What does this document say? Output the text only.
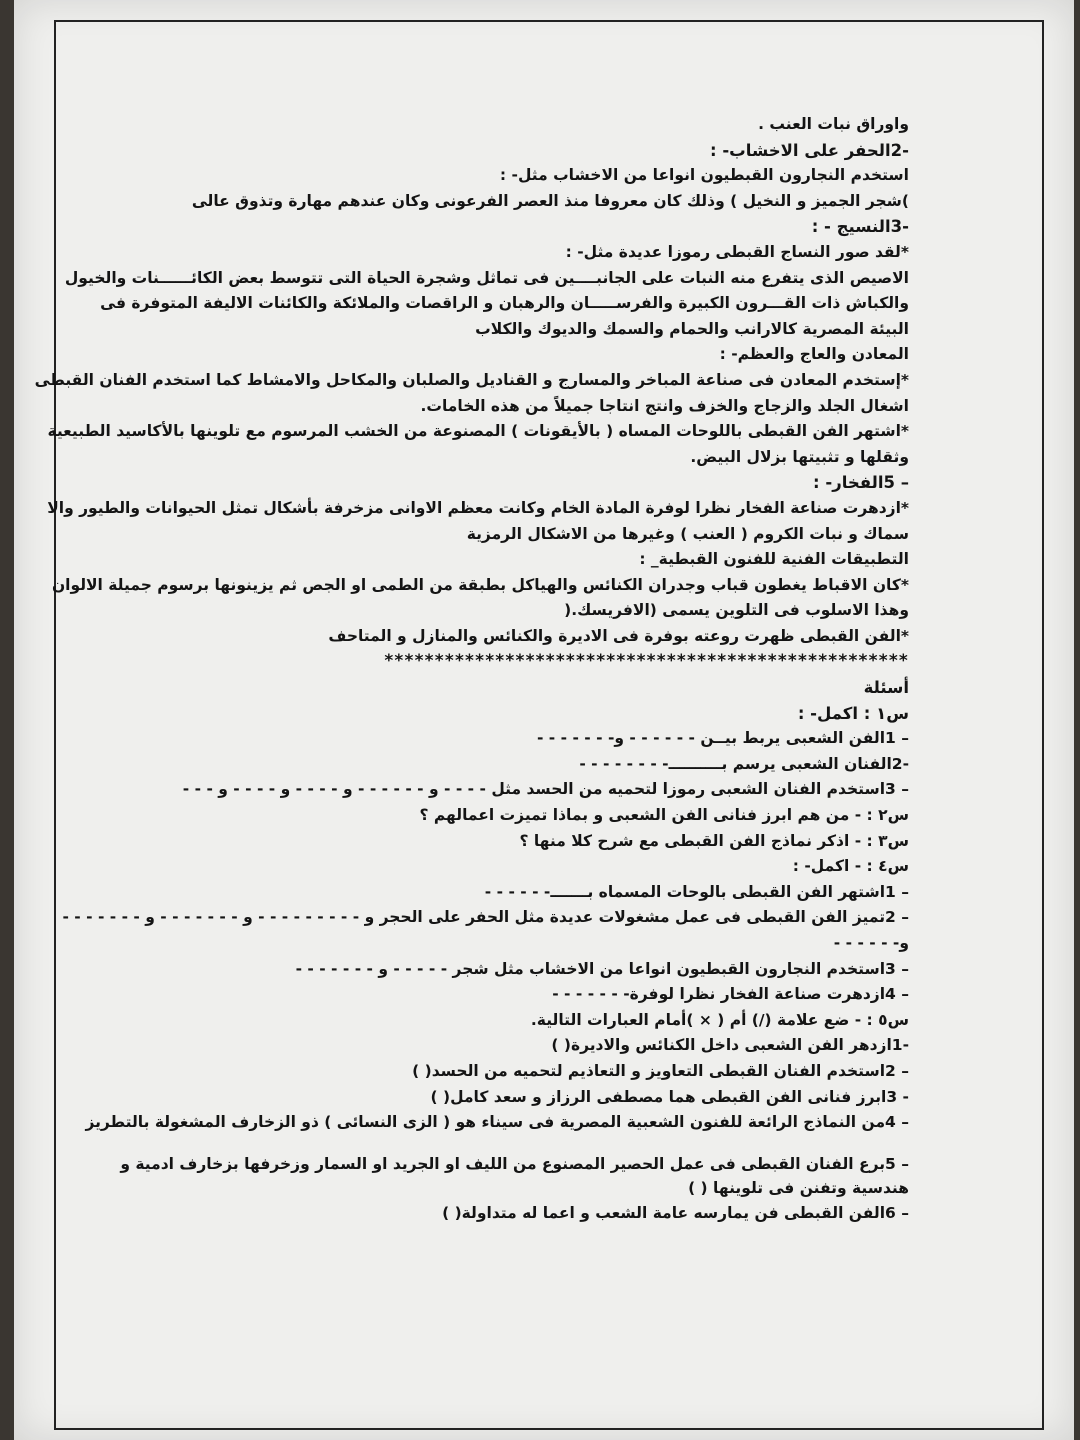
واوراق نبات العنب .
-2الحفر على الاخشاب- :
استخدم النجارون القبطيون انواعا من الاخشاب مثل- :
)شجر الجميز و النخيل ) وذلك كان معروفا منذ العصر الفرعونى وكان عندهم مهارة وتذوق عالى
-3النسيج - :
*لقد صور النساج القبطى رموزا عديدة مثل- :
الاصيص الذى يتفرع منه النبات على الجانبــــين فى تماثل وشجرة الحياة التى تتوسط بعض الكائــــــنات والخيول
والكباش ذات القـــرون الكبيرة والفرســـــان والرهبان و الراقصات والملائكة والكائنات الاليفة المتوفرة فى
البيئة المصرية كالارانب والحمام والسمك والديوك والكلاب
المعادن والعاج والعظم- :
*إستخدم المعادن فى صناعة المباخر والمسارج و القناديل والصلبان والمكاحل والامشاط كما استخدم الفنان القبطى
اشغال الجلد والزجاج والخزف وانتج انتاجا جميلاً من هذه الخامات.
*اشتهر الفن القبطى باللوحات المساه ( بالأيقونات ) المصنوعة من الخشب المرسوم مع تلوينها بالأكاسيد الطبيعية
وثقلها و تثبيتها بزلال البيض.
– 5الفخار- :
*ازدهرت صناعة الفخار نظرا لوفرة المادة الخام وكانت معظم الاوانى مزخرفة بأشكال تمثل الحيوانات والطيور والا
سماك و نبات الكروم ( العنب ) وغيرها من الاشكال الرمزية
التطبيقات الفنية للفنون القبطية_ :
*كان الاقباط يغطون قباب وجدران الكنائس والهياكل بطبقة من الطمى او الجص ثم يزينونها برسوم جميلة الالوان
وهذا الاسلوب فى التلوين يسمى (الافريسك.(
*الفن القبطى ظهرت روعته بوفرة فى الاديرة والكنائس والمنازل و المتاحف
****************************************************
أسئلة
س١ : اكمل- :
– 1الفن الشعبى يربط بيــن - - - - - - و- - - - - - -
-2الفنان الشعبى يرسم بــــــــــ- - - - - - - -
– 3استخدم الفنان الشعبى رموزا لتحميه من الحسد مثل - - - - و - - - - - - و - - - - و - - - - و - - -
س٢ : - من هم ابرز فنانى الفن الشعبى و بماذا تميزت اعمالهم ؟
س٣ : - اذكر نماذج الفن القبطى مع شرح كلا منها ؟
س٤ : - اكمل- :
– 1اشتهر الفن القبطى بالوحات المسماه بـــــــ- - - - - -
– 2تميز الفن القبطى فى عمل مشغولات عديدة مثل الحفر على الحجر و - - - - - - - - - و - - - - - - - و - - - - - - -
و- - - - - -
– 3استخدم النجارون القبطيون انواعا من الاخشاب مثل شجر - - - - - و - - - - - - -
– 4ازدهرت صناعة الفخار نظرا لوفرة- - - - - - -
س٥ : - ضع علامة (/) أم ( × )أمام العبارات التالية.
-1ازدهر الفن الشعبى داخل الكنائس والاديرة( )
– 2استخدم الفنان القبطى التعاويز و التعاذيم لتحميه من الحسد( )
- 3ابرز فنانى الفن القبطى هما مصطفى الرزاز و سعد كامل( )
– 4من النماذج الرائعة للفنون الشعبية المصرية فى سيناء هو ( الزى النسائى ) ذو الزخارف المشغولة بالتطريز
– 5برع الفنان القبطى فى عمل الحصير المصنوع من الليف او الجريد او السمار وزخرفها بزخارف ادمية و
هندسية وتفنن فى تلوينها ( )
– 6الفن القبطى فن يمارسه عامة الشعب و اعما له متداولة( )
